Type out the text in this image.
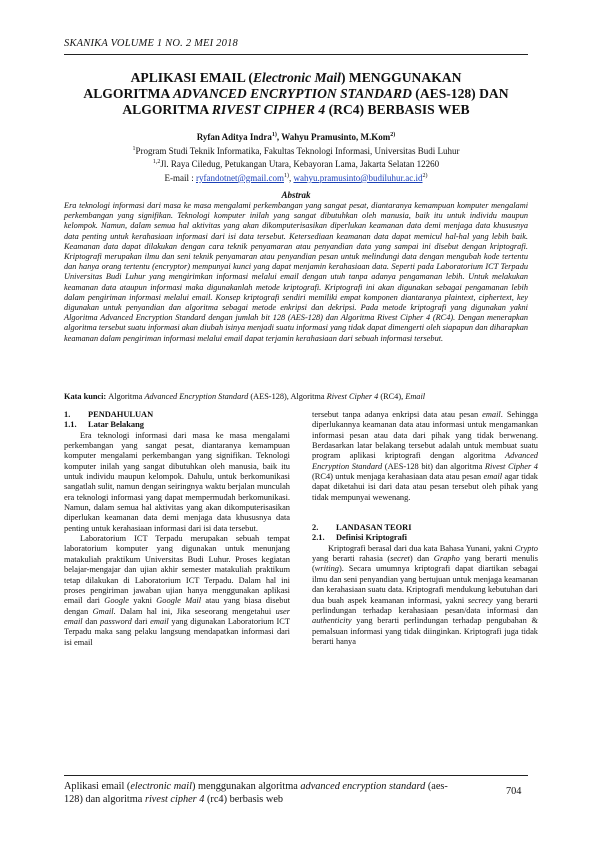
SKANIKA VOLUME 1 NO. 2 MEI 2018
APLIKASI EMAIL (Electronic Mail) MENGGUNAKAN
ALGORITMA ADVANCED ENCRYPTION STANDARD (AES-128) DAN
ALGORITMA RIVEST CIPHER 4 (RC4) BERBASIS WEB
Ryfan Aditya Indra$^{1)}$, Wahyu Pramusinto, M.Kom$^{2)}$
$^1$Program Studi Teknik Informatika, Fakultas Teknologi Informasi, Universitas Budi Luhur
$^{1,2}$Jl. Raya Ciledug, Petukangan Utara, Kebayoran Lama, Jakarta Selatan 12260
E-mail : ryfandotnet@gmail.com$^{1)}$, $wahyu.pramusinto@budiluhur.ac.id^{2)}$
Abstrak

Era teknologi informasi dari masa ke masa mengalami perkembangan yang sangat pesat, diantaranya kemampuan komputer mengalami perkembangan yang signifikan. Teknologi komputer inilah yang sangat dibutuhkan oleh manusia, baik itu untuk individu maupun kelompok. Namun, dalam semua hal aktivitas yang akan dikomputerisasikan diperlukan keamanan data demi menjaga data khususnya data penting untuk kerahasiaan informasi dari isi data tersebut. Ketersediaan keamanan data dapat memicul hal-hal yang lebih baik. Keamanan data dapat dilakukan dengan cara teknik penyamaran atau penyandian data yang sampai ini disebut dengan kriptografi. Kriptografi merupakan ilmu dan seni teknik penyamaran atau penyandian pesan untuk melindungi data dengan mengubah kode tertentu dan hanya orang tertentu (encryptor) mempunyai kunci yang dapat menjamin kerahasiaan data. Seperti pada Laboratorium ICT Terpadu Universitas Budi Luhur yang mengirimkan informasi melalui email dengan utuh tanpa adanya pengamanan lebih. Untuk melakukan keamanan data ataupun informasi maka digunakanlah metode kriptografi. Kriptografi ini akan digunakan sebagai pengamanan lebih dalam pengiriman informasi melalui email. Konsep kriptografi sendiri memiliki empat komponen diantaranya plaintext, ciphertext, key digunakan untuk penyandian dan algoritma sebagai metode enkripsi dan dekripsi. Pada metode kriptografi yang digunakan yakni Algoritma Advanced Encryption Standard dengan jumlah bit 128 (AES-128) dan Algoritma Rivest Cipher 4 (RC4). Dengan menerapkan algoritma tersebut suatu informasi akan diubah isinya menjadi suatu informasi yang tidak dapat dimengerti oleh siapapun dan diharapkan keamanan dalam pengiriman informasi melalui email dapat terjamin kerahasiaan dari sebuah informasi tersebut.

Kata kunci: Algoritma Advanced Encryption Standard (AES-128), Algoritma Rivest Cipher 4 (RC4), Email

1.	PENDAHULUAN
1.1.	Latar Belakang

Era teknologi informasi dari masa ke masa mengalami perkembangan yang sangat pesat, diantaranya kemampuan komputer mengalami perkembangan yang signifikan. Teknologi komputer inilah yang sangat dibutuhkan oleh manusia, baik itu untuk individu maupun kelompok. Dahulu, untuk berkomunikasi sangatlah sulit, namun dengan seiringnya waktu berjalan munculah era teknologi informasi yang dapat mempermudah berkomunikasi. Namun, dalam semua hal aktivitas yang akan dikomputerisasikan diperlukan keamanan data demi menjaga data khususnya data penting untuk kerahasiaan informasi dari isi data tersebut.

Laboratorium ICT Terpadu merupakan sebuah tempat laboratorium komputer yang digunakan untuk menunjang matakuliah praktikum Universitas Budi Luhur. Proses kegiatan belajar-mengajar dan ujian akhir semester matakuliah praktikum tetap dilakukan di Laboratorium ICT Terpadu. Dalam hal ini proses pengiriman jawaban ujian hanya menggunakan aplikasi email dari Google yakni Google Mail atau yang biasa disebut dengan Gmail. Dalam hal ini, Jika seseorang mengetahui user email dan password dari email yang digunakan Laboratorium ICT Terpadu maka sang pelaku langsung mendapatkan informasi dari isi email

tersebut tanpa adanya enkripsi data atau pesan email. Sehingga diperlukannya keamanan data atau informasi untuk mengamankan informasi pesan atau data dari pihak yang tidak berwenang. Berdasarkan latar belakang tersebut adalah untuk membuat suatu program aplikasi kriptografi dengan algoritma Advanced Encryption Standard (AES-128 bit) dan algoritma Rivest Cipher 4 (RC4) untuk menjaga kerahasiaan data atau pesan email agar tidak dapat diketahui isi dari data atau pesan tersebut oleh pihak yang tidak mempunyai wewenang.

2.	LANDASAN TEORI
2.1.	Definisi Kriptografi

Kriptografi berasal dari dua kata Bahasa Yunani, yakni Crypto yang berarti rahasia (secret) dan Grapho yang berarti menulis (writing). Secara umumnya kriptografi dapat diartikan sebagai ilmu dan seni penyandian yang bertujuan untuk menjaga keamanan dan kerahasiaan suatu data. Kriptografi mendukung kebutuhan dari dua buah aspek keamanan informasi, yakni secrecy yang berarti perlindungan terhadap kerahasiaan pesan/data informasi dan authenticity yang berarti perlindungan terhadap pengubahan & pemalsuan informasi yang tidak diinginkan. Kriptografi juga tidak berarti hanya

Aplikasi email (electronic mail) menggunakan algoritma advanced encryption standard (aes-128) dan algoritma rivest cipher 4 (rc4) berbasis web
704
